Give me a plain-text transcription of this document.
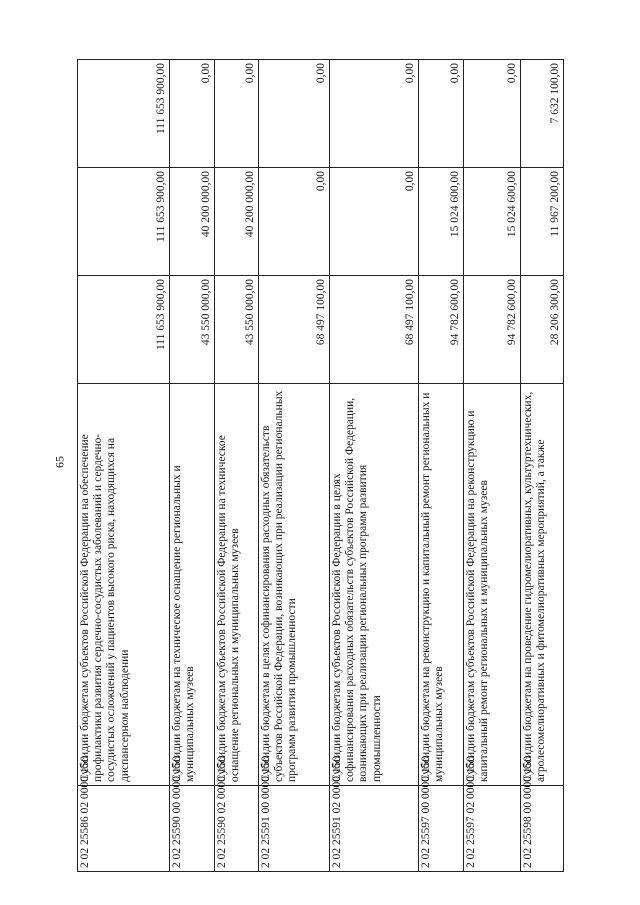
65
2 02 25586 02 0000 150	Субсидии бюджетам субъектов Российской Федерации на обеспечение профилактики развития сердечно-сосудистых заболеваний и сердечно-сосудистых осложнений у пациентов высокого риска, находящихся на диспансерном наблюдении	111 653 900,00	111 653 900,00	111 653 900,00
2 02 25590 00 0000 150	Субсидии бюджетам на техническое оснащение региональных и муниципальных музеев	43 550 000,00	40 200 000,00	0,00
2 02 25590 02 0000 150	Субсидии бюджетам субъектов Российской Федерации на техническое оснащение региональных и муниципальных музеев	43 550 000,00	40 200 000,00	0,00
2 02 25591 00 0000 150	Субсидии бюджетам в целях софинансирования расходных обязательств субъектов Российской Федерации, возникающих при реализации региональных программ развития промышленности	68 497 100,00	0,00	0,00
2 02 25591 02 0000 150	Субсидии бюджетам субъектов Российской Федерации в целях софинансирования расходных обязательств субъектов Российской Федерации, возникающих при реализации региональных программ развития промышленности	68 497 100,00	0,00	0,00
2 02 25597 00 0000 150	Субсидии бюджетам на реконструкцию и капитальный ремонт региональных и муниципальных музеев	94 782 600,00	15 024 600,00	0,00
2 02 25597 02 0000 150	Субсидии бюджетам субъектов Российской Федерации на реконструкцию и капитальный ремонт региональных и муниципальных музеев	94 782 600,00	15 024 600,00	0,00
2 02 25598 00 0000 150	Субсидии бюджетам на проведение гидромелиоративных, культуртехнических, агролесомелиоративных и фитомелиоративных мероприятий, а также	28 206 300,00	11 967 200,00	7 632 100,00
